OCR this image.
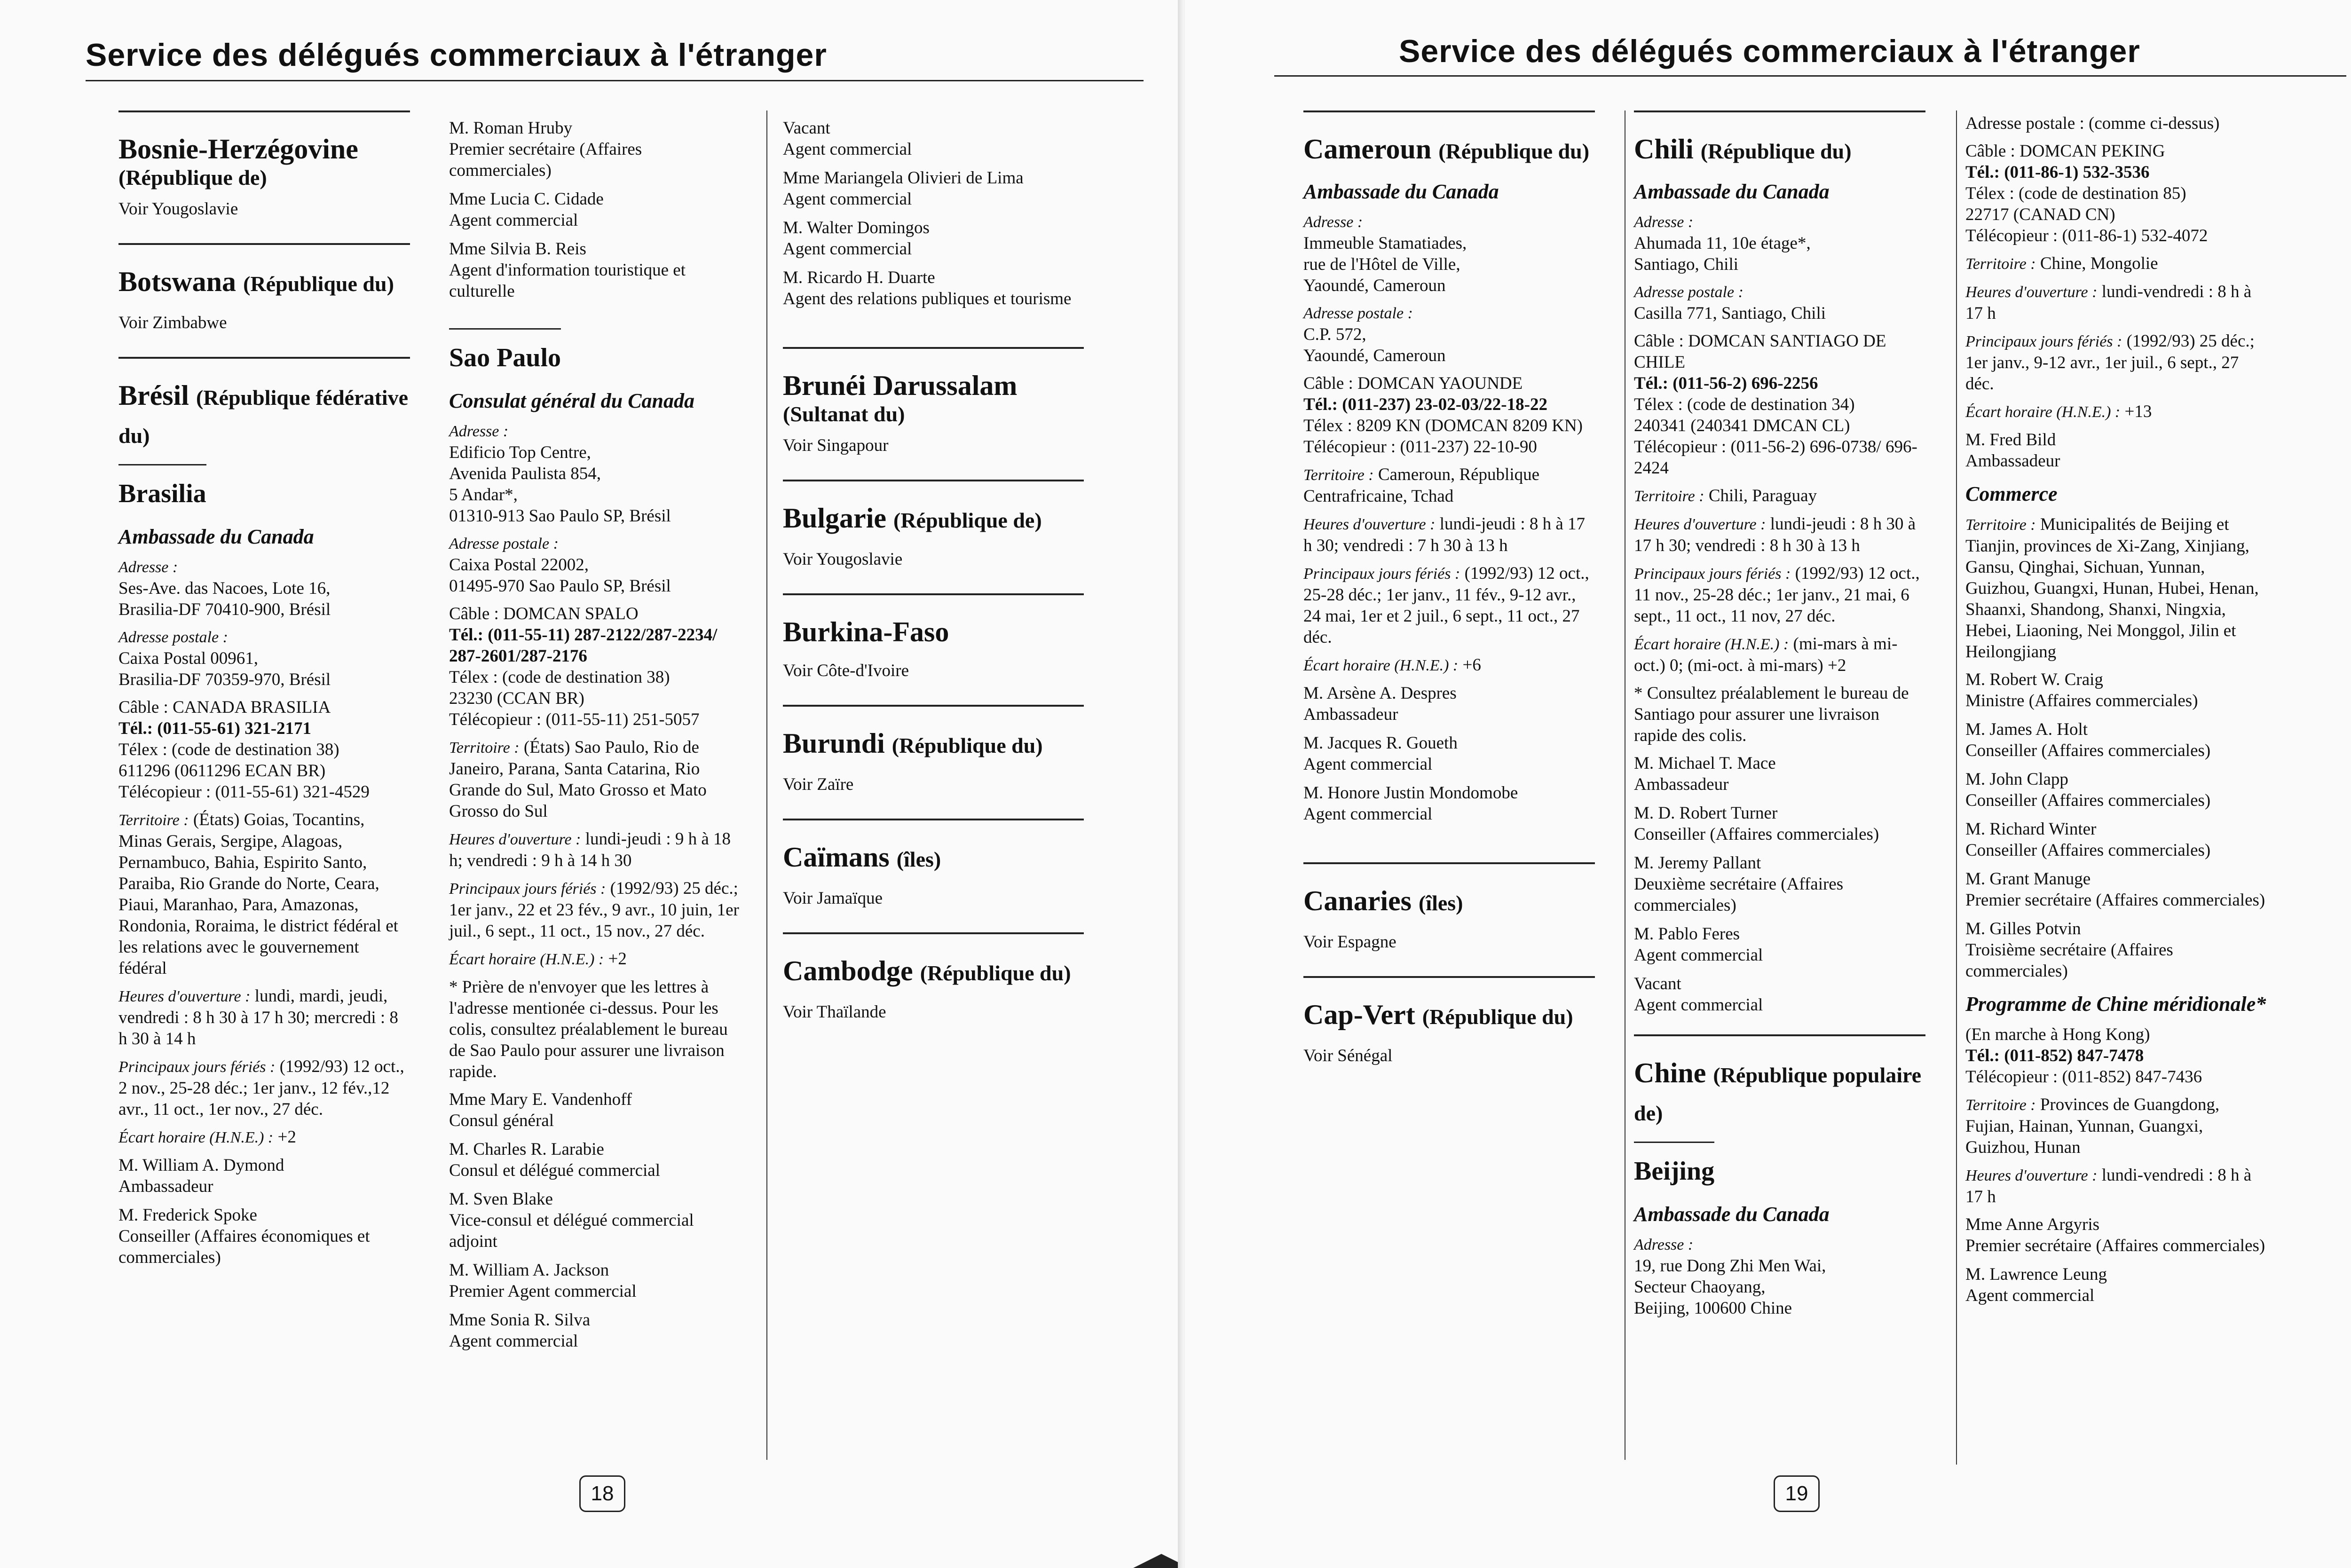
Service des délégués commerciaux à l'étranger
Bosnie-Herzégovine
(République de)
Voir Yougoslavie
Botswana (République du)
Voir Zimbabwe
Brésil (République fédérative du)
Brasilia
Ambassade du Canada
Adresse :
Ses-Ave. das Nacoes, Lote 16,
Brasilia-DF 70410-900, Brésil
Adresse postale :
Caixa Postal 00961,
Brasilia-DF 70359-970, Brésil
Câble : CANADA BRASILIA
Tél.: (011-55-61) 321-2171
Télex : (code de destination 38)
611296 (0611296 ECAN BR)
Télécopieur : (011-55-61) 321-4529
Territoire : (États) Goias, Tocantins, Minas Gerais, Sergipe, Alagoas, Pernambuco, Bahia, Espirito Santo, Paraiba, Rio Grande do Norte, Ceara, Piaui, Maranhao, Para, Amazonas, Rondonia, Roraima, le district fédéral et les relations avec le gouvernement fédéral
Heures d'ouverture : lundi, mardi, jeudi, vendredi : 8 h 30 à 17 h 30; mercredi : 8 h 30 à 14 h
Principaux jours fériés : (1992/93) 12 oct., 2 nov., 25-28 déc.; 1er janv., 12 fév.,12 avr., 11 oct., 1er nov., 27 déc.
Écart horaire (H.N.E.) : +2
M. William A. Dymond
Ambassadeur
M. Frederick Spoke
Conseiller (Affaires économiques et commerciales)
M. Roman Hruby
Premier secrétaire (Affaires commerciales)
Mme Lucia C. Cidade
Agent commercial
Mme Silvia B. Reis
Agent d'information touristique et culturelle
Sao Paulo
Consulat général du Canada
Adresse :
Edificio Top Centre,
Avenida Paulista 854,
5 Andar*,
01310-913 Sao Paulo SP, Brésil
Adresse postale :
Caixa Postal 22002,
01495-970 Sao Paulo SP, Brésil
Câble : DOMCAN SPALO
Tél.: (011-55-11) 287-2122/287-2234/ 287-2601/287-2176
Télex : (code de destination 38)
23230 (CCAN BR)
Télécopieur : (011-55-11) 251-5057
Territoire : (États) Sao Paulo, Rio de Janeiro, Parana, Santa Catarina, Rio Grande do Sul, Mato Grosso et Mato Grosso do Sul
Heures d'ouverture : lundi-jeudi : 9 h à 18 h; vendredi : 9 h à 14 h 30
Principaux jours fériés : (1992/93) 25 déc.; 1er janv., 22 et 23 fév., 9 avr., 10 juin, 1er juil., 6 sept., 11 oct., 15 nov., 27 déc.
Écart horaire (H.N.E.) : +2
* Prière de n'envoyer que les lettres à l'adresse mentionée ci-dessus. Pour les colis, consultez préalablement le bureau de Sao Paulo pour assurer une livraison rapide.
Mme Mary E. Vandenhoff
Consul général
M. Charles R. Larabie
Consul et délégué commercial
M. Sven Blake
Vice-consul et délégué commercial adjoint
M. William A. Jackson
Premier Agent commercial
Mme Sonia R. Silva
Agent commercial
Vacant
Agent commercial
Mme Mariangela Olivieri de Lima
Agent commercial
M. Walter Domingos
Agent commercial
M. Ricardo H. Duarte
Agent des relations publiques et tourisme
Brunéi Darussalam
(Sultanat du)
Voir Singapour
Bulgarie (République de)
Voir Yougoslavie
Burkina-Faso
Voir Côte-d'Ivoire
Burundi (République du)
Voir Zaïre
Caïmans (îles)
Voir Jamaïque
Cambodge (République du)
Voir Thaïlande
18
Service des délégués commerciaux à l'étranger
Cameroun (République du)
Ambassade du Canada
Adresse :
Immeuble Stamatiades,
rue de l'Hôtel de Ville,
Yaoundé, Cameroun
Adresse postale :
C.P. 572,
Yaoundé, Cameroun
Câble : DOMCAN YAOUNDE
Tél.: (011-237) 23-02-03/22-18-22
Télex : 8209 KN (DOMCAN 8209 KN)
Télécopieur : (011-237) 22-10-90
Territoire : Cameroun, République Centrafricaine, Tchad
Heures d'ouverture : lundi-jeudi : 8 h à 17 h 30; vendredi : 7 h 30 à 13 h
Principaux jours fériés : (1992/93) 12 oct., 25-28 déc.; 1er janv., 11 fév., 9-12 avr., 24 mai, 1er et 2 juil., 6 sept., 11 oct., 27 déc.
Écart horaire (H.N.E.) : +6
M. Arsène A. Despres
Ambassadeur
M. Jacques R. Goueth
Agent commercial
M. Honore Justin Mondomobe
Agent commercial
Canaries (îles)
Voir Espagne
Cap-Vert (République du)
Voir Sénégal
Chili (République du)
Ambassade du Canada
Adresse :
Ahumada 11, 10e étage*,
Santiago, Chili
Adresse postale :
Casilla 771, Santiago, Chili
Câble : DOMCAN SANTIAGO DE CHILE
Tél.: (011-56-2) 696-2256
Télex : (code de destination 34)
240341 (240341 DMCAN CL)
Télécopieur : (011-56-2) 696-0738/ 696-2424
Territoire : Chili, Paraguay
Heures d'ouverture : lundi-jeudi : 8 h 30 à 17 h 30; vendredi : 8 h 30 à 13 h
Principaux jours fériés : (1992/93) 12 oct., 11 nov., 25-28 déc.; 1er janv., 21 mai, 6 sept., 11 oct., 11 nov, 27 déc.
Écart horaire (H.N.E.) : (mi-mars à mi-oct.) 0; (mi-oct. à mi-mars) +2
* Consultez préalablement le bureau de Santiago pour assurer une livraison rapide des colis.
M. Michael T. Mace
Ambassadeur
M. D. Robert Turner
Conseiller (Affaires commerciales)
M. Jeremy Pallant
Deuxième secrétaire (Affaires commerciales)
M. Pablo Feres
Agent commercial
Vacant
Agent commercial
Chine (République populaire de)
Beijing
Ambassade du Canada
Adresse :
19, rue Dong Zhi Men Wai,
Secteur Chaoyang,
Beijing, 100600 Chine
Adresse postale : (comme ci-dessus)
Câble : DOMCAN PEKING
Tél.: (011-86-1) 532-3536
Télex : (code de destination 85)
22717 (CANAD CN)
Télécopieur : (011-86-1) 532-4072
Territoire : Chine, Mongolie
Heures d'ouverture : lundi-vendredi : 8 h à 17 h
Principaux jours fériés : (1992/93) 25 déc.; 1er janv., 9-12 avr., 1er juil., 6 sept., 27 déc.
Écart horaire (H.N.E.) : +13
M. Fred Bild
Ambassadeur
Commerce
Territoire : Municipalités de Beijing et Tianjin, provinces de Xi-Zang, Xinjiang, Gansu, Qinghai, Sichuan, Yunnan, Guizhou, Guangxi, Hunan, Hubei, Henan, Shaanxi, Shandong, Shanxi, Ningxia, Hebei, Liaoning, Nei Monggol, Jilin et Heilongjiang
M. Robert W. Craig
Ministre (Affaires commerciales)
M. James A. Holt
Conseiller (Affaires commerciales)
M. John Clapp
Conseiller (Affaires commerciales)
M. Richard Winter
Conseiller (Affaires commerciales)
M. Grant Manuge
Premier secrétaire (Affaires commerciales)
M. Gilles Potvin
Troisième secrétaire (Affaires commerciales)
Programme de Chine méridionale*
(En marche à Hong Kong)
Tél.: (011-852) 847-7478
Télécopieur : (011-852) 847-7436
Territoire : Provinces de Guangdong, Fujian, Hainan, Yunnan, Guangxi, Guizhou, Hunan
Heures d'ouverture : lundi-vendredi : 8 h à 17 h
Mme Anne Argyris
Premier secrétaire (Affaires commerciales)
M. Lawrence Leung
Agent commercial
19
